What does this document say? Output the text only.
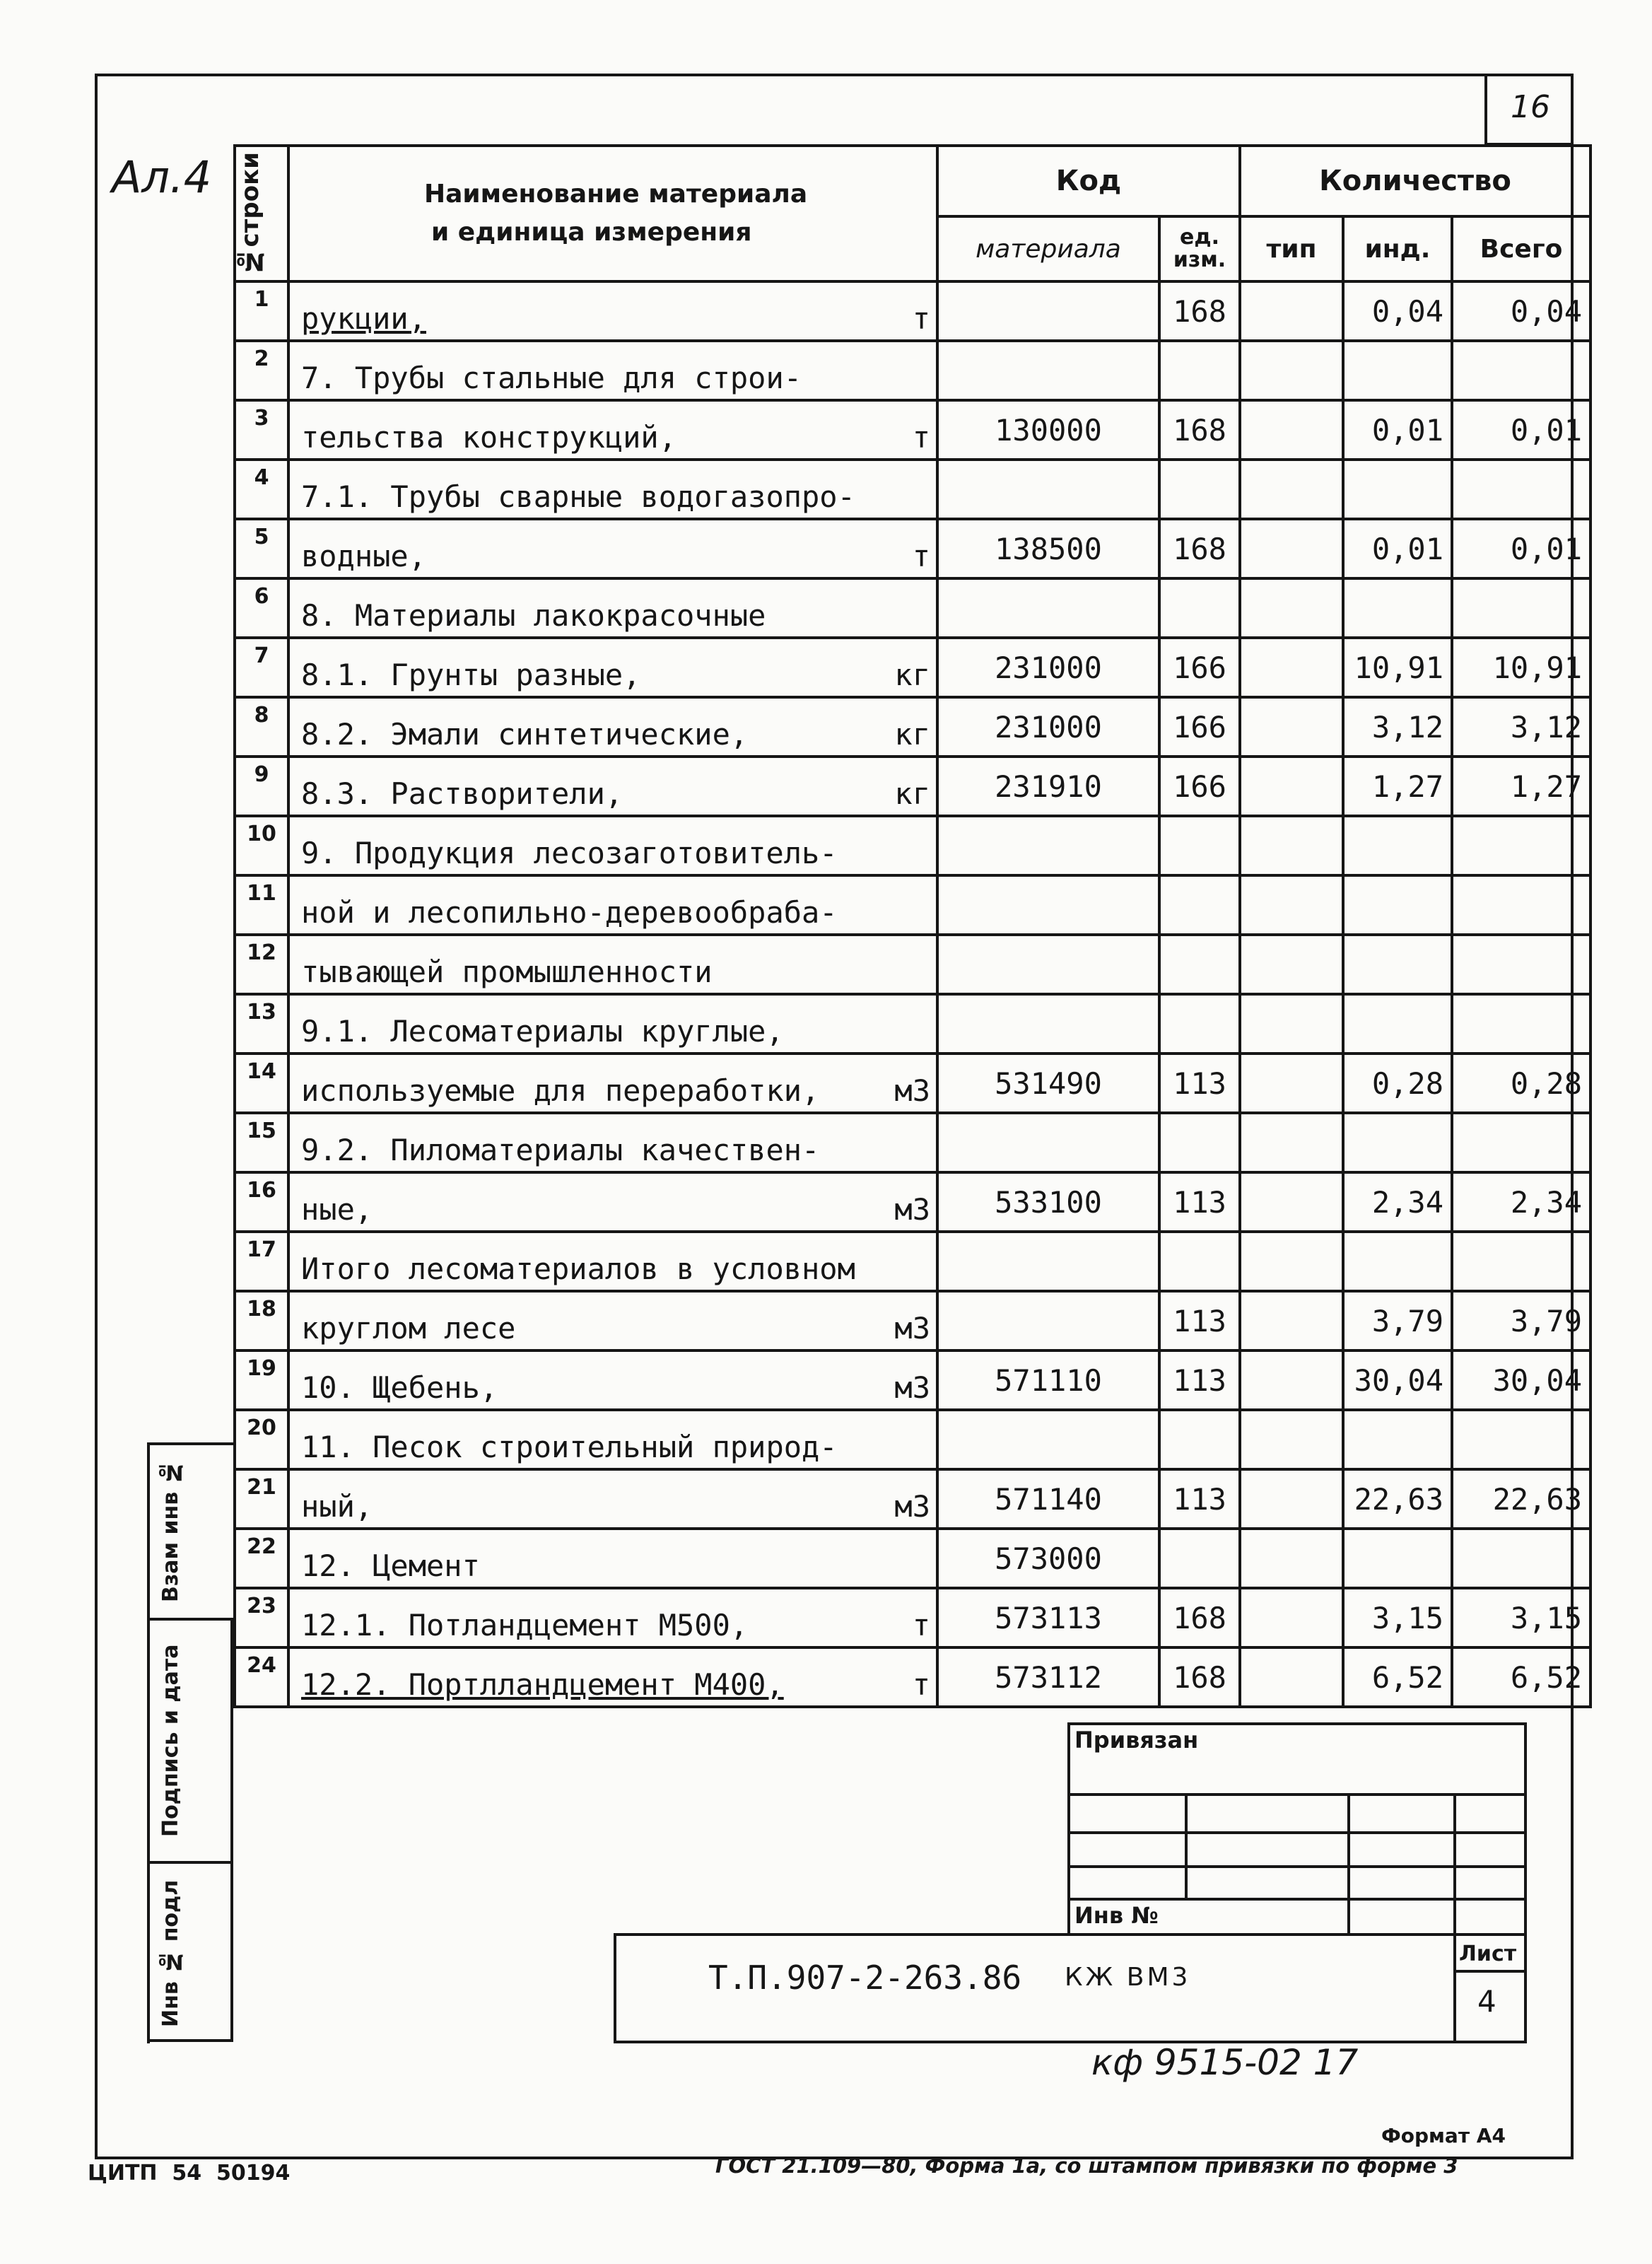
16
Ал.4 №строки	Наименование материала
и единица измерения	Код		Количество		
		материала	ед. изм.	тип	инд.	Всего
1	рукции, т		168		0,04	0,04
2	7. Трубы стальные для строи-					

3	тельства конструкций, т	130000	168		0,01	0,01
4	7.1. Трубы сварные водогазопро-					

5	водные, т	138500	168		0,01	0,01
6	8. Материалы лакокрасочные					

7	8.1. Грунты разные, кг	231000	166		10,91	10,91
8	8.2. Эмали синтетические, кг	231000	166		3,12	3,12
9	8.3. Растворители, кг	231910	166		1,27	1,27
10	9. Продукция лесозаготовитель-					

11	ной и лесопильно-деревообраба-					

12	тывающей промышленности					

13	9.1. Лесоматериалы круглые,					

14	используемые для переработки, м3	531490	113		0,28	0,28
15	9.2. Пиломатериалы качествен-					

16	ные, м3	533100	113		2,34	2,34
17	Итого лесоматериалов в условном					

18	круглом лесе м3		113		3,79	3,79
19	10. Щебень, м3	571110	113		30,04	30,04
20	11. Песок строительный природ-					

21	ный, м3	571140	113		22,63	22,63
22	12. Цемент	573000				
23	12.1. Потландцемент М500, т	573113	168		3,15	3,15
24	12.2. Портлландцемент М400, т	573112	168		6,52	6,52
Взам инв №
Подпись и дата
Инв № подл
Привязан
Инв №
Т.П.907-2-263.86 КЖ ВМ3
Лист
4
кф 9515-02 17
Формат А4
ЦИТП  54  50194	ГОСТ 21.109—80, Форма 1а, со штампом привязки по форме 3
